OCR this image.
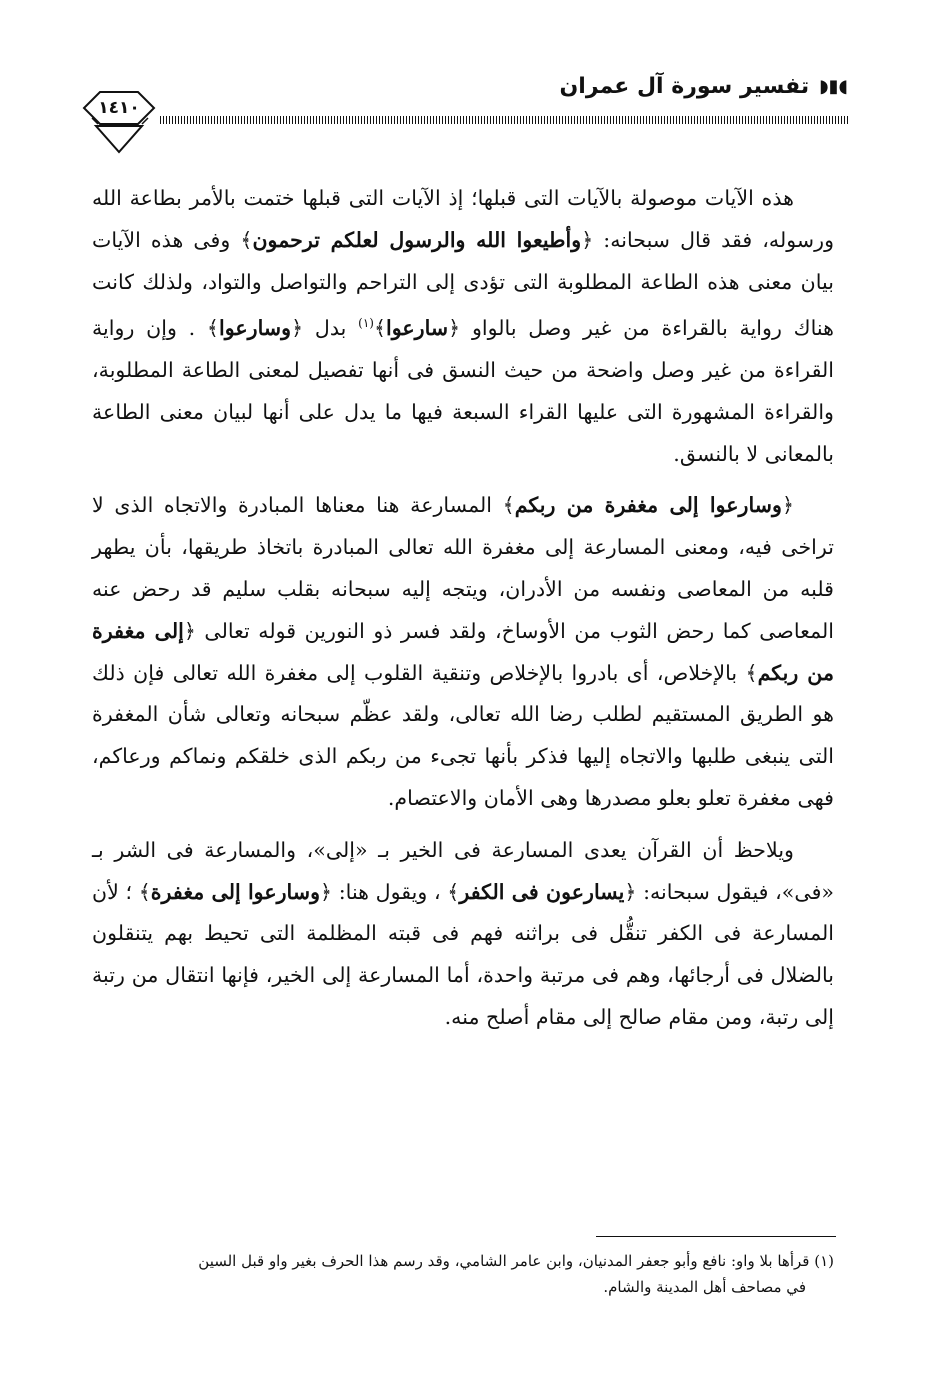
◖▮◗
تفسير سورة آل عمران
١٤١٠

هذه الآيات موصولة بالآيات التى قبلها؛ إذ الآيات التى قبلها ختمت بالأمر بطاعة الله ورسوله، فقد قال سبحانه: ﴿وأطيعوا الله والرسول لعلكم ترحمون﴾ وفى هذه الآيات بيان معنى هذه الطاعة المطلوبة التى تؤدى إلى التراحم والتواصل والتواد، ولذلك كانت هناك رواية بالقراءة من غير وصل بالواو ﴿سارعوا﴾$^{(١)}$ بدل ﴿وسارعوا﴾ . وإن رواية القراءة من غير وصل واضحة من حيث النسق فى أنها تفصيل لمعنى الطاعة المطلوبة، والقراءة المشهورة التى عليها القراء السبعة فيها ما يدل على أنها لبيان معنى الطاعة بالمعانى لا بالنسق.

﴿وسارعوا إلى مغفرة من ربكم﴾ المسارعة هنا معناها المبادرة والاتجاه الذى لا تراخى فيه، ومعنى المسارعة إلى مغفرة الله تعالى المبادرة باتخاذ طريقها، بأن يطهر قلبه من المعاصى ونفسه من الأدران، ويتجه إليه سبحانه بقلب سليم قد رحض عنه المعاصى كما رحض الثوب من الأوساخ، ولقد فسر ذو النورين قوله تعالى ﴿إلى مغفرة من ربكم﴾ بالإخلاص، أى بادروا بالإخلاص وتنقية القلوب إلى مغفرة الله تعالى فإن ذلك هو الطريق المستقيم لطلب رضا الله تعالى، ولقد عظّم سبحانه وتعالى شأن المغفرة التى ينبغى طلبها والاتجاه إليها فذكر بأنها تجىء من ربكم الذى خلقكم ونماكم ورعاكم، فهى مغفرة تعلو بعلو مصدرها وهى الأمان والاعتصام.

ويلاحظ أن القرآن يعدى المسارعة فى الخير بـ «إلى»، والمسارعة فى الشر بـ «فى»، فيقول سبحانه: ﴿يسارعون فى الكفر﴾ ، ويقول هنا: ﴿وسارعوا إلى مغفرة﴾ ؛ لأن المسارعة فى الكفر تنقُّل فى براثنه فهم فى قبته المظلمة التى تحيط بهم يتنقلون بالضلال فى أرجائها، وهم فى مرتبة واحدة، أما المسارعة إلى الخير، فإنها انتقال من رتبة إلى رتبة، ومن مقام صالح إلى مقام أصلح منه.

(١) قرأها بلا واو: نافع وأبو جعفر المدنيان، وابن عامر الشامي، وقد رسم هذا الحرف بغير واو قبل السين

في مصاحف أهل المدينة والشام.
